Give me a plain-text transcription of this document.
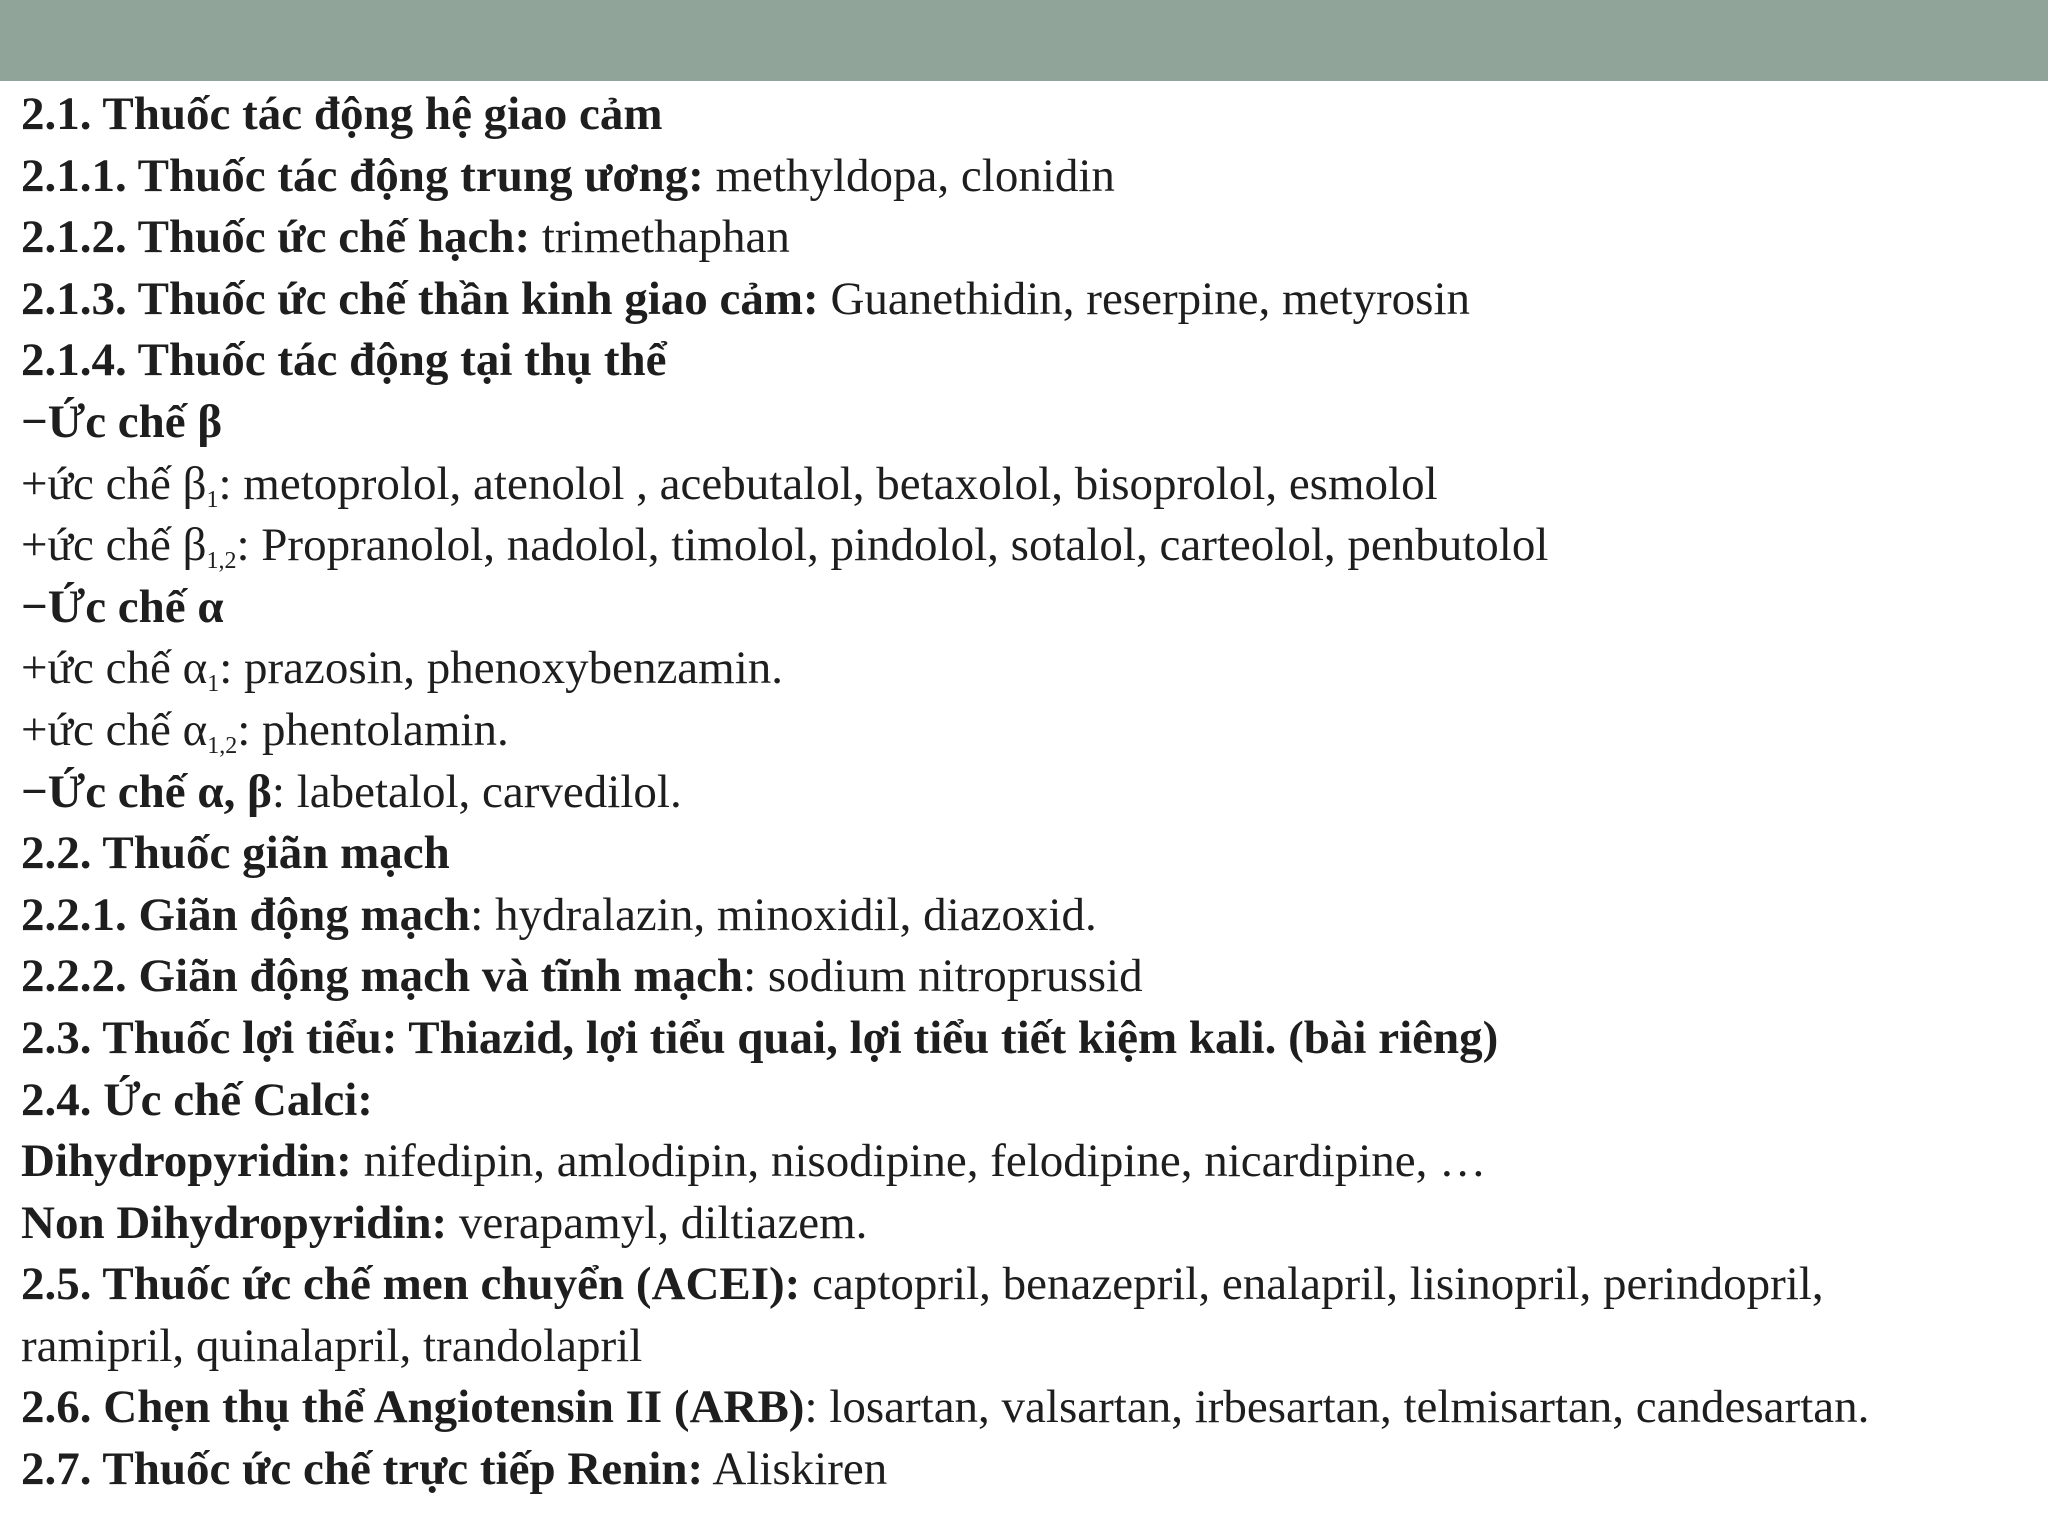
2.1. Thuốc tác động hệ giao cảm
2.1.1. Thuốc tác động trung ương: methyldopa, clonidin
2.1.2. Thuốc ức chế hạch: trimethaphan
2.1.3. Thuốc ức chế thần kinh giao cảm: Guanethidin, reserpine, metyrosin
2.1.4. Thuốc tác động tại thụ thể
−Ức chế β
+ức chế $\beta_1$: metoprolol, atenolol , acebutalol, betaxolol, bisoprolol, esmolol
+ức chế $\beta_{1,2}$: Propranolol, nadolol, timolol, pindolol, sotalol, carteolol, penbutolol
−Ức chế α
+ức chế $\alpha_1$: prazosin, phenoxybenzamin.
+ức chế $\alpha_{1,2}$: phentolamin.
−Ức chế α, β: labetalol, carvedilol.
2.2. Thuốc giãn mạch
2.2.1. Giãn động mạch: hydralazin, minoxidil, diazoxid.
2.2.2. Giãn động mạch và tĩnh mạch: sodium nitroprussid
2.3. Thuốc lợi tiểu: Thiazid, lợi tiểu quai, lợi tiểu tiết kiệm kali. (bài riêng)
2.4. Ức chế Calci:
Dihydropyridin: nifedipin, amlodipin, nisodipine, felodipine, nicardipine, …
Non Dihydropyridin: verapamyl, diltiazem.
2.5. Thuốc ức chế men chuyển (ACEI): captopril, benazepril, enalapril, lisinopril, perindopril,
ramipril, quinalapril, trandolapril
2.6. Chẹn thụ thể Angiotensin II (ARB): losartan, valsartan, irbesartan, telmisartan, candesartan.
2.7. Thuốc ức chế trực tiếp Renin: Aliskiren
